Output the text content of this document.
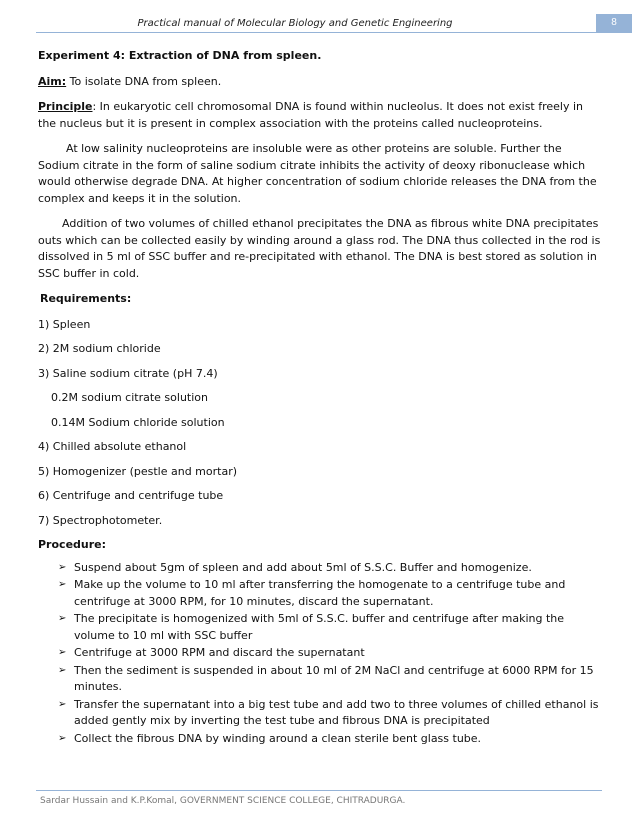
Practical manual of Molecular Biology and Genetic Engineering	8

Experiment 4: Extraction of DNA from spleen.

Aim: To isolate DNA from spleen.

Principle: In eukaryotic cell chromosomal DNA is found within nucleolus. It does not exist freely in the nucleus but it is present in complex association with the proteins called nucleoproteins.

At low salinity nucleoproteins are insoluble were as other proteins are soluble. Further the Sodium citrate in the form of saline sodium citrate inhibits the activity of deoxy ribonuclease which would otherwise degrade DNA. At higher concentration of sodium chloride releases the DNA from the complex and keeps it in the solution.

Addition of two volumes of chilled ethanol precipitates the DNA as fibrous white DNA precipitates outs which can be collected easily by winding around a glass rod. The DNA thus collected in the rod is dissolved in 5 ml of SSC buffer and re-precipitated with ethanol. The DNA is best stored as solution in SSC buffer in cold.

Requirements:

1) Spleen

2) 2M sodium chloride

3) Saline sodium citrate (pH 7.4)

0.2M sodium citrate solution

0.14M Sodium chloride solution

4) Chilled absolute ethanol

5) Homogenizer (pestle and mortar)

6) Centrifuge and centrifuge tube

7) Spectrophotometer.

Procedure:

➢ Suspend about 5gm of spleen and add about 5ml of S.S.C. Buffer and homogenize.
➢ Make up the volume to 10 ml after transferring the homogenate to a centrifuge tube and centrifuge at 3000 RPM, for 10 minutes, discard the supernatant.
➢ The precipitate is homogenized with 5ml of S.S.C. buffer and centrifuge after making the volume to 10 ml with SSC buffer
➢ Centrifuge at 3000 RPM and discard the supernatant
➢ Then the sediment is suspended in about 10 ml of 2M NaCl and centrifuge at 6000 RPM for 15 minutes.
➢ Transfer the supernatant into a big test tube and add two to three volumes of chilled ethanol is added gently mix by inverting the test tube and fibrous DNA is precipitated
➢ Collect the fibrous DNA by winding around a clean sterile bent glass tube.
Sardar Hussain and K.P.Komal, GOVERNMENT SCIENCE COLLEGE, CHITRADURGA.
